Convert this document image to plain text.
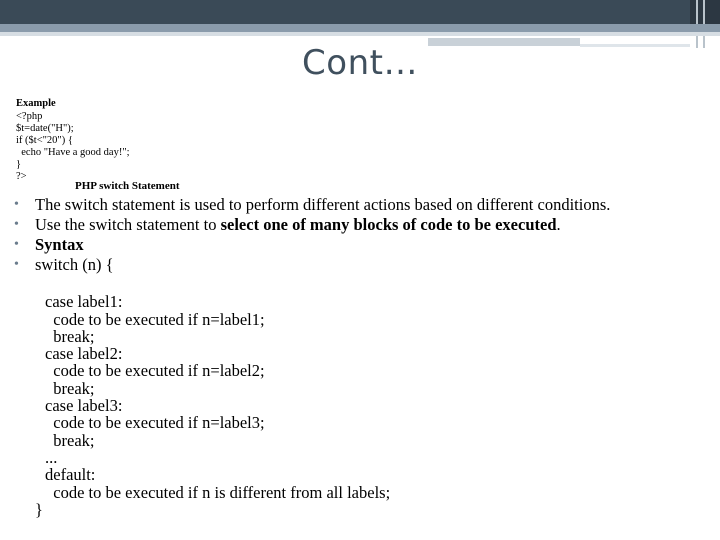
Cont…
Example
<?php
$t=date("H");
if ($t<"20") {
echo "Have a good day!";
}
?>
PHP switch Statement
• The switch statement is used to perform different actions based on different conditions.
• Use the switch statement to select one of many blocks of code to be executed.
• Syntax
• switch (n) {

case label1:
code to be executed if n=label1;
break;
case label2:
code to be executed if n=label2;
break;
case label3:
code to be executed if n=label3;
break;
...
default:
code to be executed if n is different from all labels;
}
